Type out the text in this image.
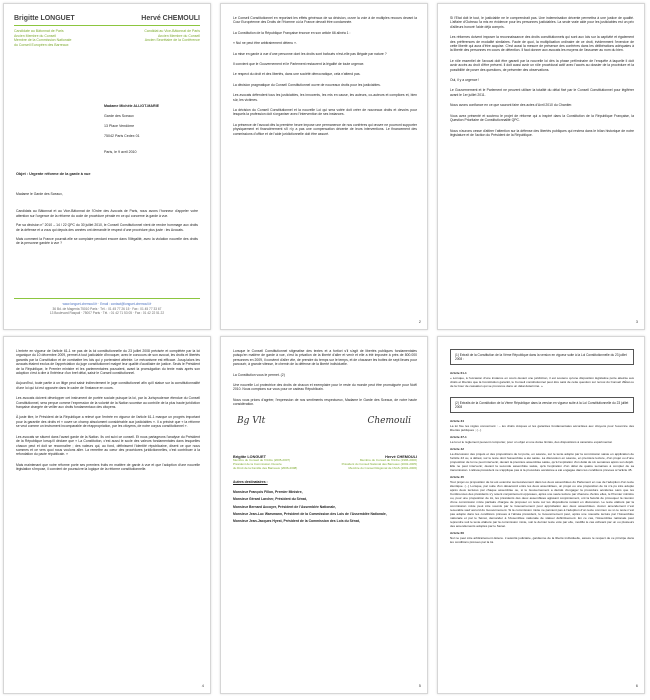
Brigitte LONGUET	Hervé CHEMOULI
Candidate au Bâtonnat de Paris
Ancien Membre du Conseil
Membre de la Commission Nationale
du Conseil Européen des Barreaux
Candidat au Vice-Bâtonnat de Paris
Ancien Membre du Conseil
Ancien Secrétaire de la Conférence
Madame Michèle ALLIOT-MARIE

Garde des Sceaux

13 Place Vendôme

75042 Paris Cedex 01
Paris, le 9 avril 2010
Objet : Urgente réforme de la garde à vue

Madame le Garde des Sceaux,

Candidats au Bâtonnat et au Vice-Bâtonnat de l'Ordre des Avocats de Paris, nous avons l'honneur d'appeler votre attention sur l'urgence de la réforme du code de procédure pénale en ce qui concerne la garde à vue.

Par sa décision n° 2010 – 14 / 22 QPC du 30 juillet 2010, le Conseil Constitutionnel vient de rendre hommage aux droits de la défense et a vous qui depuis des années ont demandé le respect d'une procédure plus juste : les Avocats.

Mais comment la France pourrait-elle se complaire pendant encore dans l'illégalité, avec la violation nouvelle des droits de la personne gardée à vue ?

www.longuet-chemouli.fr · Email : contact@longuet-chemouli.fr
36 Bd. de Magenta 75010 Paris · Tél. : 01 45 77 26 15 · Fax : 01 45 77 33 67
13 Boulevard Raspail · 75007 Paris · Tél. : 01 42 71 53 05 · Fax : 01 42 22 51 22

Le Conseil Constitutionnel en reportant les effets généraux de sa décision, ouvre la voie à de multiples recours devant la Cour Européenne des Droits de l'Homme où la France devrait être condamnée.

La Constitution de la République Française énonce en son article 66 alinéa 1 :

« Nul ne peut être arbitrairement détenu ».

La mise en garde à vue d'une personne dont les droits sont bafoués n'est-elle pas illégale par nature ?

Il convient que le Gouvernement et le Parlement restaurent la légalité de toute urgence.

Le respect du droit et des libertés, dans une société démocratique, cela n'attend pas.

La décision pragmatique du Conseil Constitutionnel ouvre de nouveaux droits pour les justiciables.

Les avocats défendent tous les justiciables, les innocents, les mis en cause, les auteurs, co-auteurs et complices et, bien sûr, les victimes.

La décision du Conseil Constitutionnel et la nouvelle Loi qui sera votée doit créer de nouveaux droits et devoirs pour lesquels la profession doit s'organiser avec l'intervention de ses instances.

La présence de l'avocat dès la première heure impose une permanence de nos confrères qui œuvre ne pourront supporter physiquement et financièrement s'il n'y a pas une compensation décente de leurs interventions. Le financement des commissions d'office et de l'aide juridictionnelle doit être assuré.

2

Si l'Etat doit le tout, le justiciable ne le comprendrait pas. Une indemnisation décente permettra à une justice de qualité. L'affaire d'Outreau l'a mis en évidence pour les personnes justiciables. La seule vraie aide pour les justiciables est un prix d'ailleurs honoré l'aide déjà compris.

Les réformes doivent imposer la reconnaissance des droits constitutionnels qui sont aux lois sur la captivité et également des préférences de modalité similaires. Faute de quoi, la multiplication ordinaire de ce droit, évidemment l'exercice de cette liberté qui aura d'être acquise. C'est aussi la mesure de présence des confrères dans les délibérations adéquates à la liberté des personnes en cours de détention. Il faut donner aux avocats les moyens de l'assumer au nom du bien.

Le rôle essentiel de l'avocat doit être garanti par la nouvelle loi dès la phase préliminaire de l'enquête à laquelle il doit avoir accès au droit d'être présent. Il doit aussi avoir un rôle procédural actif avec l'accès au dossier de la procédure et la possibilité de poser des questions, de présenter des observations.

Oui, il y a urgence !

Le Gouvernement et le Parlement ne peuvent utiliser la totalité du délai fixé par le Conseil Constitutionnel pour légiférer avant le 1er juillet 2011.

Nous avons confiance en ce que sauront faire des actes d'Avril 2010 du Chantier.

Vous avez présenté et soutenu le projet de réforme qui a inspiré dans la Constitution de la République Française, la Question Prioritaire de Constitutionnalité QPC.

Nous n'aurons cesse d'attirer l'attention sur la défense des libertés publiques qui restera dans le bilan historique de notre législature et de l'action du Président de la République.

3

L'entrée en vigueur de l'article 61-1 ne pas de la loi constitutionnelle du 23 juillet 2008 précisée et complétée par la loi organique du 10 décembre 2009, permet à tout justiciable d'invoquer, avec le concours de son avocat, les droits et libertés garantis par la Constitution et de combattre les lois qui y porteraient atteinte. Le mécanisme est efficace. Jusqu'alors les avocats étaient exclus de l'appréciation du juge constitutionnel malgré leur qualité d'auxiliaire de justice. Seuls le Président de la République, le Premier ministre et les parlementaires pouvaient, avant la promulgation du texte mais après son adoption c'est à dire à l'intérieur d'un bref délai, saisir le Conseil constitutionnel.

Aujourd'hui, toute partie à un litige peut saisir indirectement le juge constitutionnel afin qu'il statue sur la constitutionnalité d'une loi qui lui est opposée dans le cadre de l'instance en cours.

Les avocats doivent développer cet instrument de portée sociale puisque la loi, par la Jurisprudence étendue du Conseil Constitutionnel, sera perçue comme l'expression de la volonté de la Nation soumise au contrôle de la plus haute juridiction française chargée de veiller aux droits fondamentaux des citoyens.

À juste titre, le Président de la République a relevé que l'entrée en vigueur de l'article 61-1 marque un progrès important pour la garantie des droits et « ouvre un champ absolument considérable aux justiciables ». Il a précisé que « la réforme se veut comme un instrument incomparable de réappropriation, par les citoyens, de notre corpus constitutionnel ».

Les avocats se situent dans l'avant garde de la Nation. Ils ont suivi ce conseil. Et nous partageons l'analyse du Président de la République lorsqu'il déclare que « La Constitution, c'est aussi le socle des valeurs fondamentales dans lesquelles chacun peut et doit se reconnaître ; des valeurs qui, au fond, définissent l'identité républicaine, disent ce que nous sommes et ce vers quoi nous voulons aller. La remettre au cœur des procédures juridictionnelles, c'est contribuer à la refondation du pacte républicain. »

Mais maintenant que votre réforme porte ses premiers fruits en matière de garde à vue et que l'adoption d'une nouvelle législation s'impose, il convient de poursuivre la logique de la réforme constitutionnelle.

4

Lorsque le Conseil Constitutionnel stigmatise des textes et a fortiori s'il s'agit de libertés publiques fondamentales puisqu'en matière de garde à vue, c'est la privation de la liberté d'aller et venir et elle a été imposée à près de 800.000 personnes en 2009, il convient d'aller vite, de prendre du temps sur le temps, et de chausser les bottes de sept lieues pour parcourir, à grande vitesse, le chemin de la défense de la liberté individuelle.

La Constitution vous le permet. (2)

Une nouvelle Loi protectrice des droits de chacun et exemplaire pour le reste du monde peut être promulguée pour Noël 2010. Nous comptons sur vous pour ce cadeau Républicain.

Nous vous prions d'agréer, l'expression de nos sentiments respectueux, Madame le Garde des Sceaux, de notre haute considération.

Bg Vlt	Chemouli
Brigitte LONGUET	Hervé CHEMOULI
Membre du Conseil de l'Ordre (2005-2007)
Président de la Commission Ouverte
du Droit de la Famille des Barreaux (2006-2008)
Membre du Conseil de l'Ordre (1996-2000)
Président du Conseil National des Barreaux (2002-2005)
Membre du Conseil Régional de l'AGS (2001-2006)
Autres destinataires :

Monsieur François Fillon, Premier Ministre,

Monsieur Gérard Larcher, Président du Sénat,

Monsieur Bernard Accoyer, Président de l'Assemblée Nationale,

Monsieur Jean-Luc Warsmann, Président de la Commission des Lois de l'Assemblée Nationale,

Monsieur Jean-Jacques Hyest, Président de la Commission des Lois du Sénat,

5
(1) Extrait de la Constitution de la Vème République dans la version en vigueur suite à la Loi Constitutionnelle du 23 juillet 2008 :
Article 61-1

« Lorsque, à l'occasion d'une instance en cours devant une juridiction, il est soutenu qu'une disposition législative porte atteinte aux droits et libertés que la Constitution garantit, le Conseil constitutionnel peut être saisi de cette question sur renvoi du Conseil d'État ou de la Cour de cassation qui se prononce dans un délai déterminé. »

(2) Extraits de la Constitution de la Vème République dans la version en vigueur suite à la Loi Constitutionnelle du 23 juillet 2008
Article 34

La loi fixe les règles concernant : – les droits civiques et les garanties fondamentales accordées aux citoyens pour l'exercice des libertés publiques ; (...)

Article 37-1

La loi et le règlement peuvent comporter, pour un objet et une durée limités, des dispositions à caractère expérimental.

Article 42

La discussion des projets et des propositions de loi porte, en séance, sur le texte adopté par la commission saisie en application de l'article 43 ou, à défaut, sur le texte dont l'assemblée a été saisie. La discussion en séance, en première lecture, d'un projet ou d'une proposition de loi ne peut intervenir, devant la première assemblée saisie, qu'à l'expiration d'un délai de six semaines après son dépôt. Elle ne peut intervenir, devant la seconde assemblée saisie, qu'à l'expiration d'un délai de quatre semaines à compter de sa transmission. L'alinéa précédent ne s'applique pas si la procédure accélérée a été engagée dans les conditions prévues à l'article 45.

Article 45

Tout projet ou proposition de loi est examiné successivement dans les deux assemblées du Parlement en vue de l'adoption d'un texte identique. (...) Lorsque, par suite d'un désaccord entre les deux assemblées, un projet ou une proposition de loi n'a pu être adopté après deux lectures par chaque assemblée ou, si le Gouvernement a décidé d'engager la procédure accélérée sans que les Conférences des présidents s'y soient conjointement opposées, après une seule lecture par chacune d'entre elles, le Premier ministre ou, pour une proposition de loi, les présidents des deux assemblées agissant conjointement, ont la faculté de provoquer la réunion d'une commission mixte paritaire chargée de proposer un texte sur les dispositions restant en discussion. Le texte élaboré par la commission mixte peut être soumis par le Gouvernement pour approbation aux deux assemblées. Aucun amendement n'est recevable sauf accord du Gouvernement. Si la commission mixte ne parvient pas à l'adoption d'un texte commun ou si ce texte n'est pas adopté dans les conditions prévues à l'alinéa précédent, le Gouvernement peut, après une nouvelle lecture par l'Assemblée nationale et par le Sénat, demander à l'Assemblée nationale de statuer définitivement. En ce cas, l'Assemblée nationale peut reprendre soit le texte élaboré par la commission mixte, soit le dernier texte voté par elle, modifié le cas échéant par un ou plusieurs des amendements adoptés par le Sénat.

Article 66

Nul ne peut être arbitrairement détenu. L'autorité judiciaire, gardienne de la liberté individuelle, assure le respect de ce principe dans les conditions prévues par la loi.

6
